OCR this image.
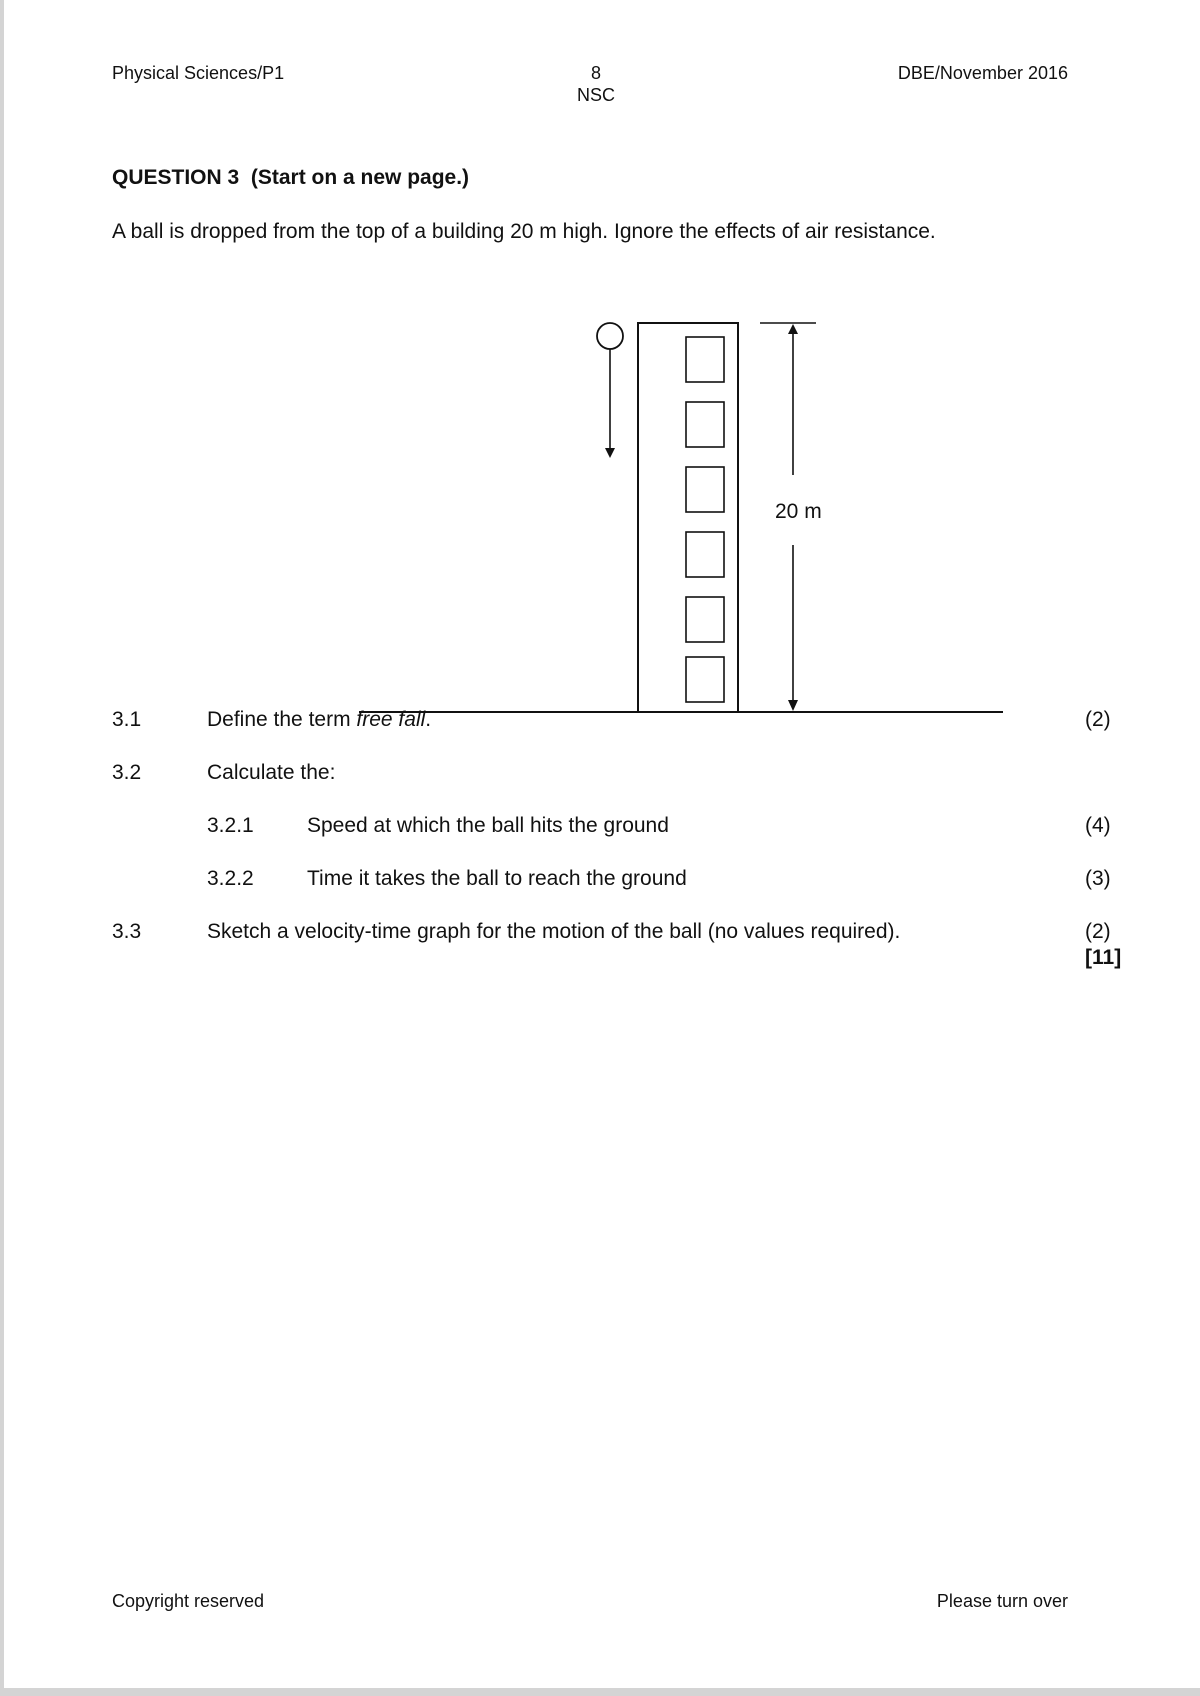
Physical Sciences/P1	8
NSC
DBE/November 2016
QUESTION 3  (Start on a new page.)
A ball is dropped from the top of a building 20 m high. Ignore the effects of air resistance.
20 m
3.1	Define the term free fall.	(2)
3.2	Calculate the:
3.2.1	Speed at which the ball hits the ground	(4)
3.2.2	Time it takes the ball to reach the ground	(3)
3.3	Sketch a velocity-time graph for the motion of the ball (no values required).	(2)
[11]
Copyright reserved	Please turn over
